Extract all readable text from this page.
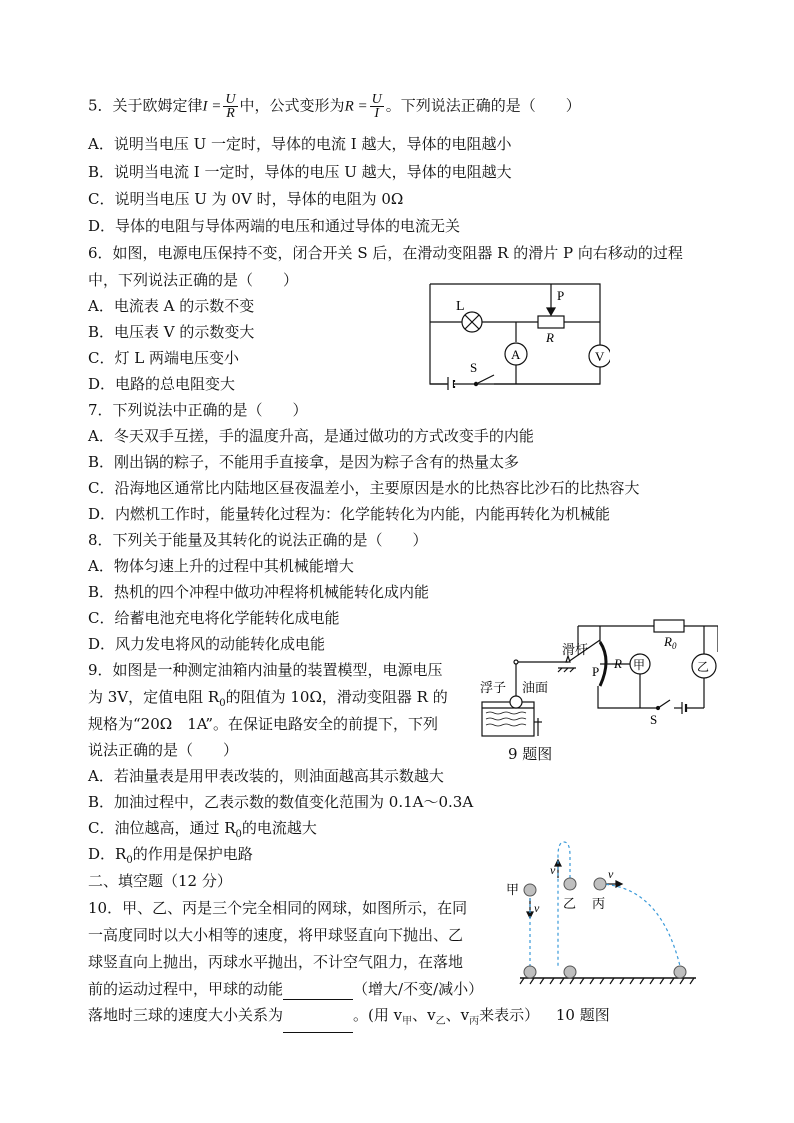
5．关于欧姆定律$I = \frac{U}{R}$ 中，公式变形为$R = \frac{U}{I}$ 。下列说法正确的是（　　）
A．说明当电压 U 一定时，导体的电流 I 越大，导体的电阻越小
B．说明当电流 I 一定时，导体的电压 U 越大，导体的电阻越大
C．说明当电压 U 为 0V 时，导体的电阻为 0Ω
D．导体的电阻与导体两端的电压和通过导体的电流无关
6．如图，电源电压保持不变，闭合开关 S 后，在滑动变阻器 R 的滑片 P 向右移动的过程
中，下列说法正确的是（　　）
A．电流表 A 的示数不变
B．电压表 V 的示数变大
C．灯 L 两端电压变小
D．电路的总电阻变大
L
P
R
A	V
S
7．下列说法中正确的是（　　）
A．冬天双手互搓，手的温度升高，是通过做功的方式改变手的内能
B．刚出锅的粽子，不能用手直接拿，是因为粽子含有的热量太多
C．沿海地区通常比内陆地区昼夜温差小，主要原因是水的比热容比沙石的比热容大
D．内燃机工作时，能量转化过程为：化学能转化为内能，内能再转化为机械能
8．下列关于能量及其转化的说法正确的是（　　）
A．物体匀速上升的过程中其机械能增大
B．热机的四个冲程中做功冲程将机械能转化成内能
C．给蓄电池充电将化学能转化成电能
D．风力发电将风的动能转化成电能
9．如图是一种测定油箱内油量的装置模型，电源电压
为 3V，定值电阻 $R_0$的阻值为 10Ω，滑动变阻器 R 的
规格为“20Ω　1A”。在保证电路安全的前提下，下列
说法正确的是（　　）
A．若油量表是用甲表改装的，则油面越高其示数越大
B．加油过程中，乙表示数的数值变化范围为 0.1A～0.3A
C．油位越高，通过 $R_0$的电流越大
D．$R_0$的作用是保护电路
浮子 油面
滑杆
R
P
$R_0$
甲	乙
S
9 题图
二、填空题（12 分）
10．甲、乙、丙是三个完全相同的网球，如图所示，在同
一高度同时以大小相等的速度，将甲球竖直向下抛出、乙
球竖直向上抛出，丙球水平抛出，不计空气阻力，在落地
前的运动过程中，甲球的动能	（增大/不变/减小）
落地时三球的速度大小关系为	。(用 $v_甲$、$v_乙$、$v_丙$来表示） 10 题图
甲
乙 丙
v
v	v
